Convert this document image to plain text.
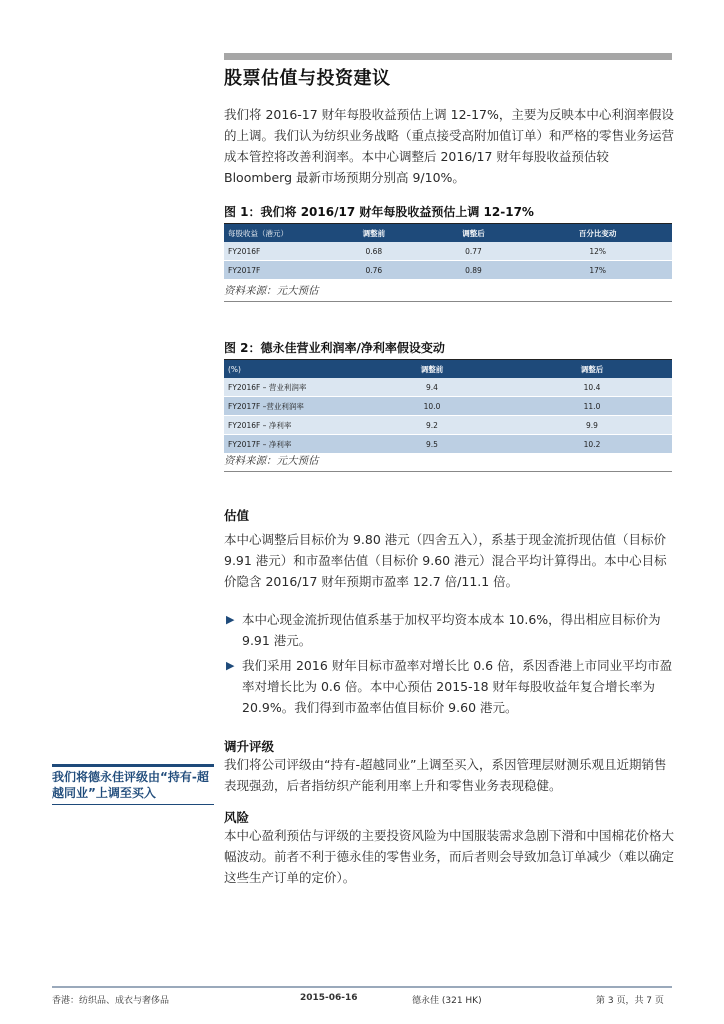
股票估值与投资建议
我们将 2016-17 财年每股收益预估上调 12-17%，主要为反映本中心利润率假设的上调。我们认为纺织业务战略（重点接受高附加值订单）和严格的零售业务运营成本管控将改善利润率。本中心调整后 2016/17 财年每股收益预估较 Bloomberg 最新市场预期分别高 9/10%。
图 1：我们将 2016/17 财年每股收益预估上调 12-17%
每股收益（港元）	调整前	调整后	百分比变动
FY2016F	0.68	0.77	12%
FY2017F	0.76	0.89	17%
资料来源：元大预估
图 2：德永佳营业利润率/净利率假设变动
(%)	调整前	调整后
FY2016F – 营业利润率	9.4	10.4
FY2017F –营业利润率	10.0	11.0
FY2016F – 净利率	9.2	9.9
FY2017F – 净利率	9.5	10.2
资料来源：元大预估
估值
本中心调整后目标价为 9.80 港元（四舍五入），系基于现金流折现估值（目标价 9.91 港元）和市盈率估值（目标价 9.60 港元）混合平均计算得出。本中心目标价隐含 2016/17 财年预期市盈率 12.7 倍/11.1 倍。
▶ 本中心现金流折现估值系基于加权平均资本成本 10.6%，得出相应目标价为 9.91 港元。
▶ 我们采用 2016 财年目标市盈率对增长比 0.6 倍，系因香港上市同业平均市盈率对增长比为 0.6 倍。本中心预估 2015-18 财年每股收益年复合增长率为 20.9%。我们得到市盈率估值目标价 9.60 港元。
调升评级
我们将公司评级由“持有-超越同业”上调至买入，系因管理层财测乐观且近期销售表现强劲，后者指纺织产能利用率上升和零售业务表现稳健。
我们将德永佳评级由“持有-超越同业”上调至买入
风险
本中心盈利预估与评级的主要投资风险为中国服装需求急剧下滑和中国棉花价格大幅波动。前者不利于德永佳的零售业务，而后者则会导致加急订单减少（难以确定这些生产订单的定价）。
香港：纺织品、成衣与奢侈品	2015-06-16	德永佳 (321 HK)	第 3 页，共 7 页
